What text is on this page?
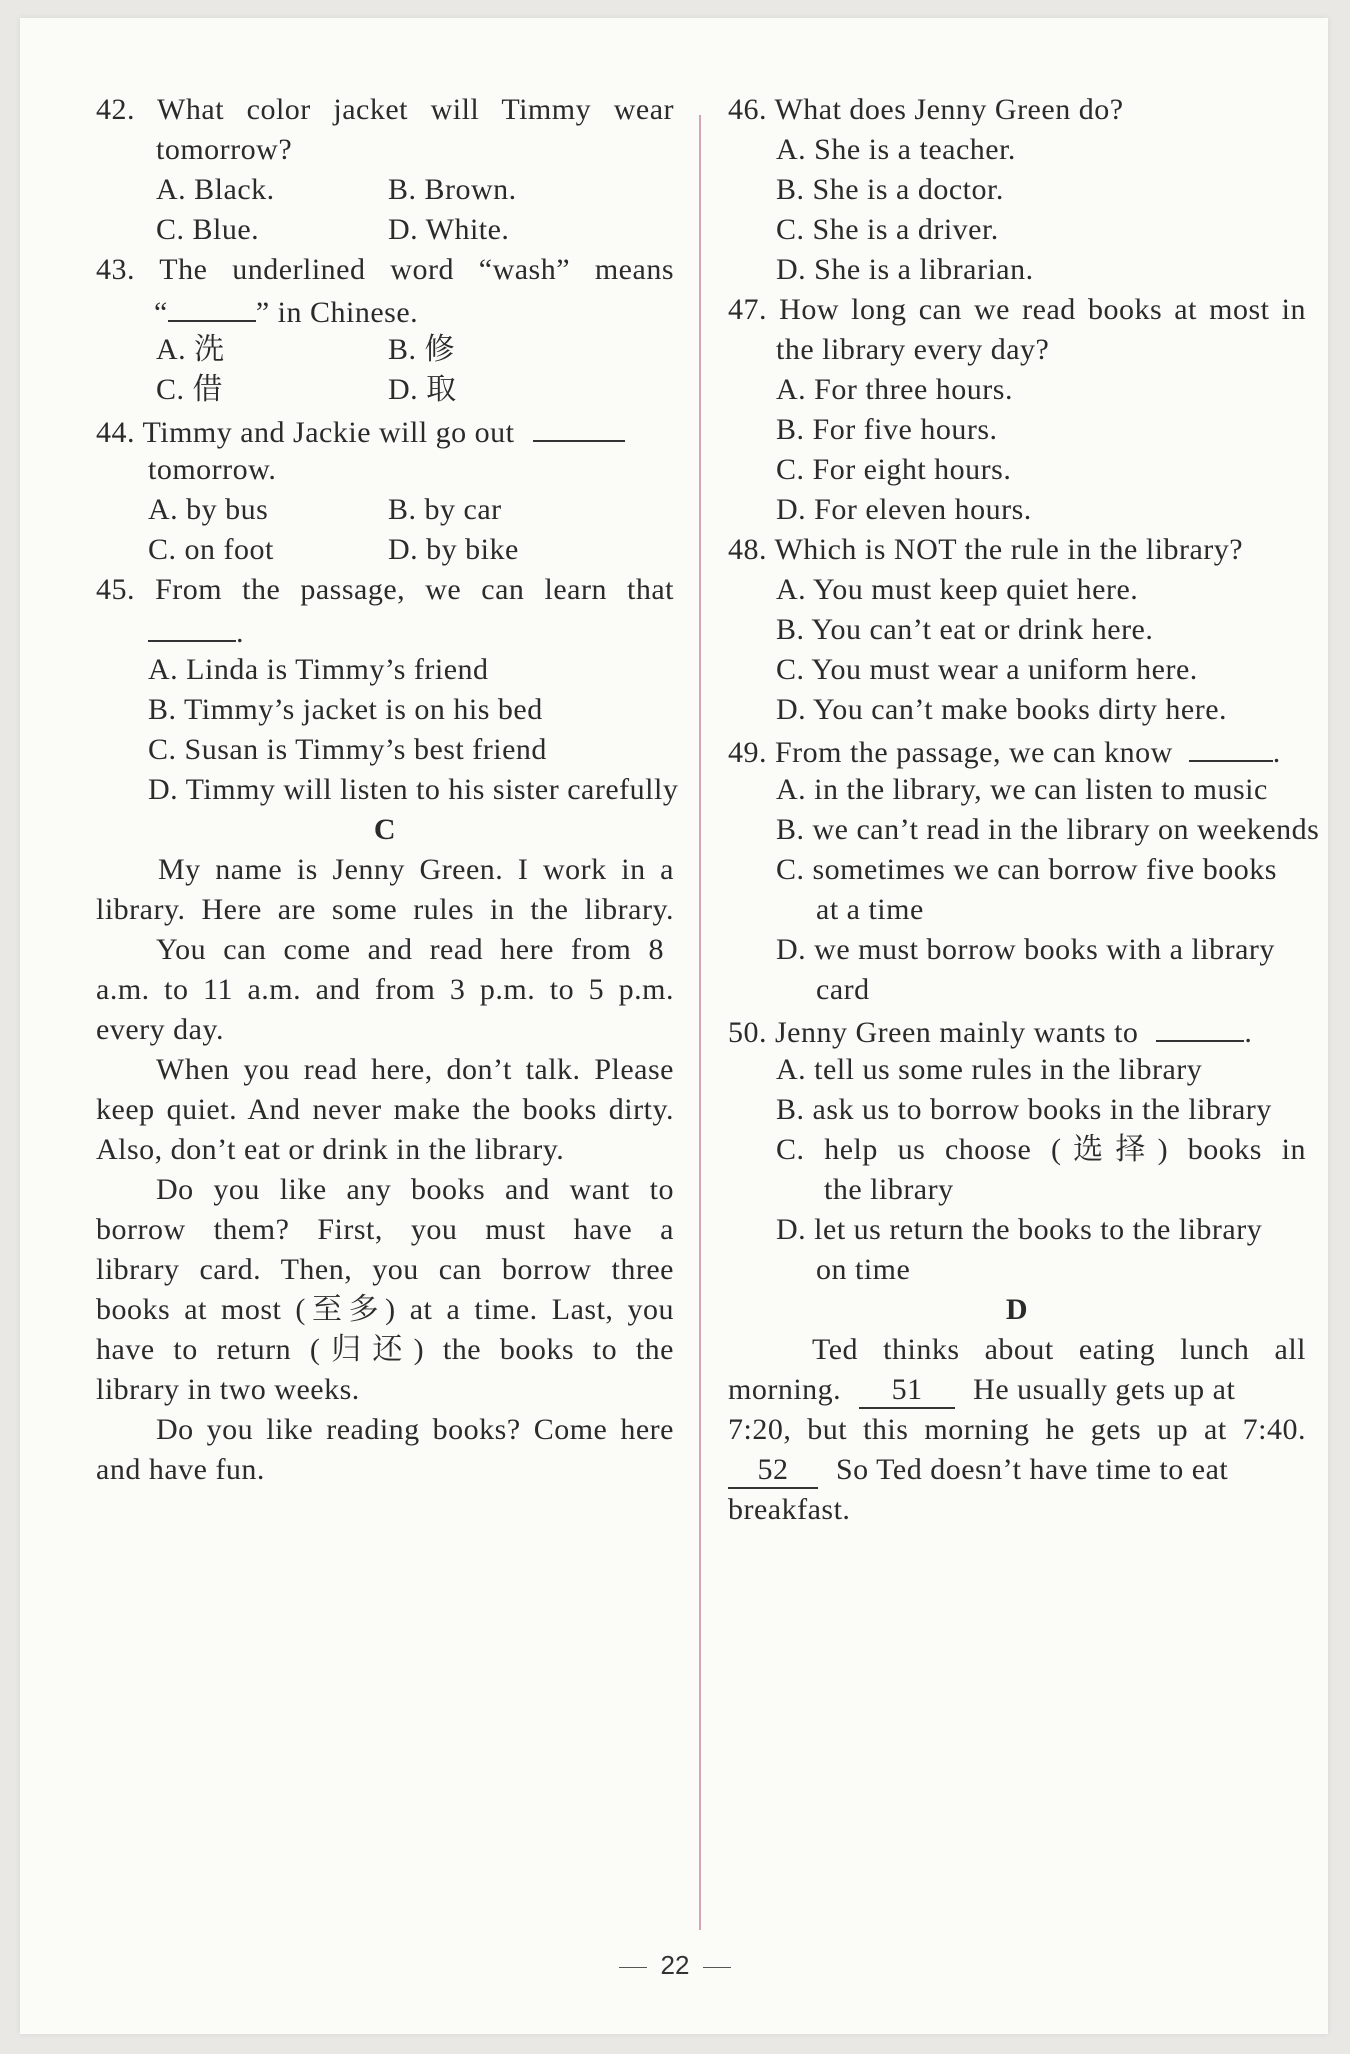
42. What color jacket will Timmy wear
tomorrow?
A. Black.	B. Brown.
C. Blue.	D. White.
43. The underlined word “wash” means
“	” in Chinese.
A. 洗	B. 修
C. 借	D. 取
44. Timmy and Jackie will go out
tomorrow.
A. by bus	B. by car
C. on foot	D. by bike
45. From the passage, we can learn that
.
A. Linda is Timmy’s friend
B. Timmy’s jacket is on his bed
C. Susan is Timmy’s best friend
D. Timmy will listen to his sister carefully
C
My name is Jenny Green. I work in a
library. Here are some rules in the library.
You can come and read here from 8
a.m. to 11 a.m. and from 3 p.m. to 5 p.m.
every day.
When you read here, don’t talk. Please
keep quiet. And never make the books dirty.
Also, don’t eat or drink in the library.
Do you like any books and want to
borrow them? First, you must have a
library card. Then, you can borrow three
books at most (至多) at a time. Last, you
have to return (归还) the books to the
library in two weeks.
Do you like reading books? Come here
and have fun.
46. What does Jenny Green do?
A. She is a teacher.
B. She is a doctor.
C. She is a driver.
D. She is a librarian.
47. How long can we read books at most in
the library every day?
A. For three hours.
B. For five hours.
C. For eight hours.
D. For eleven hours.
48. Which is NOT the rule in the library?
A. You must keep quiet here.
B. You can’t eat or drink here.
C. You must wear a uniform here.
D. You can’t make books dirty here.
49. From the passage, we can know	.
A. in the library, we can listen to music
B. we can’t read in the library on weekends
C. sometimes we can borrow five books
at a time
D. we must borrow books with a library
card
50. Jenny Green mainly wants to	.
A. tell us some rules in the library
B. ask us to borrow books in the library
C. help us choose (选择) books in
the library
D. let us return the books to the library
on time
D
Ted thinks about eating lunch all
morning. 51 He usually gets up at
7:20, but this morning he gets up at 7:40.
52 So Ted doesn’t have time to eat
breakfast.
22
